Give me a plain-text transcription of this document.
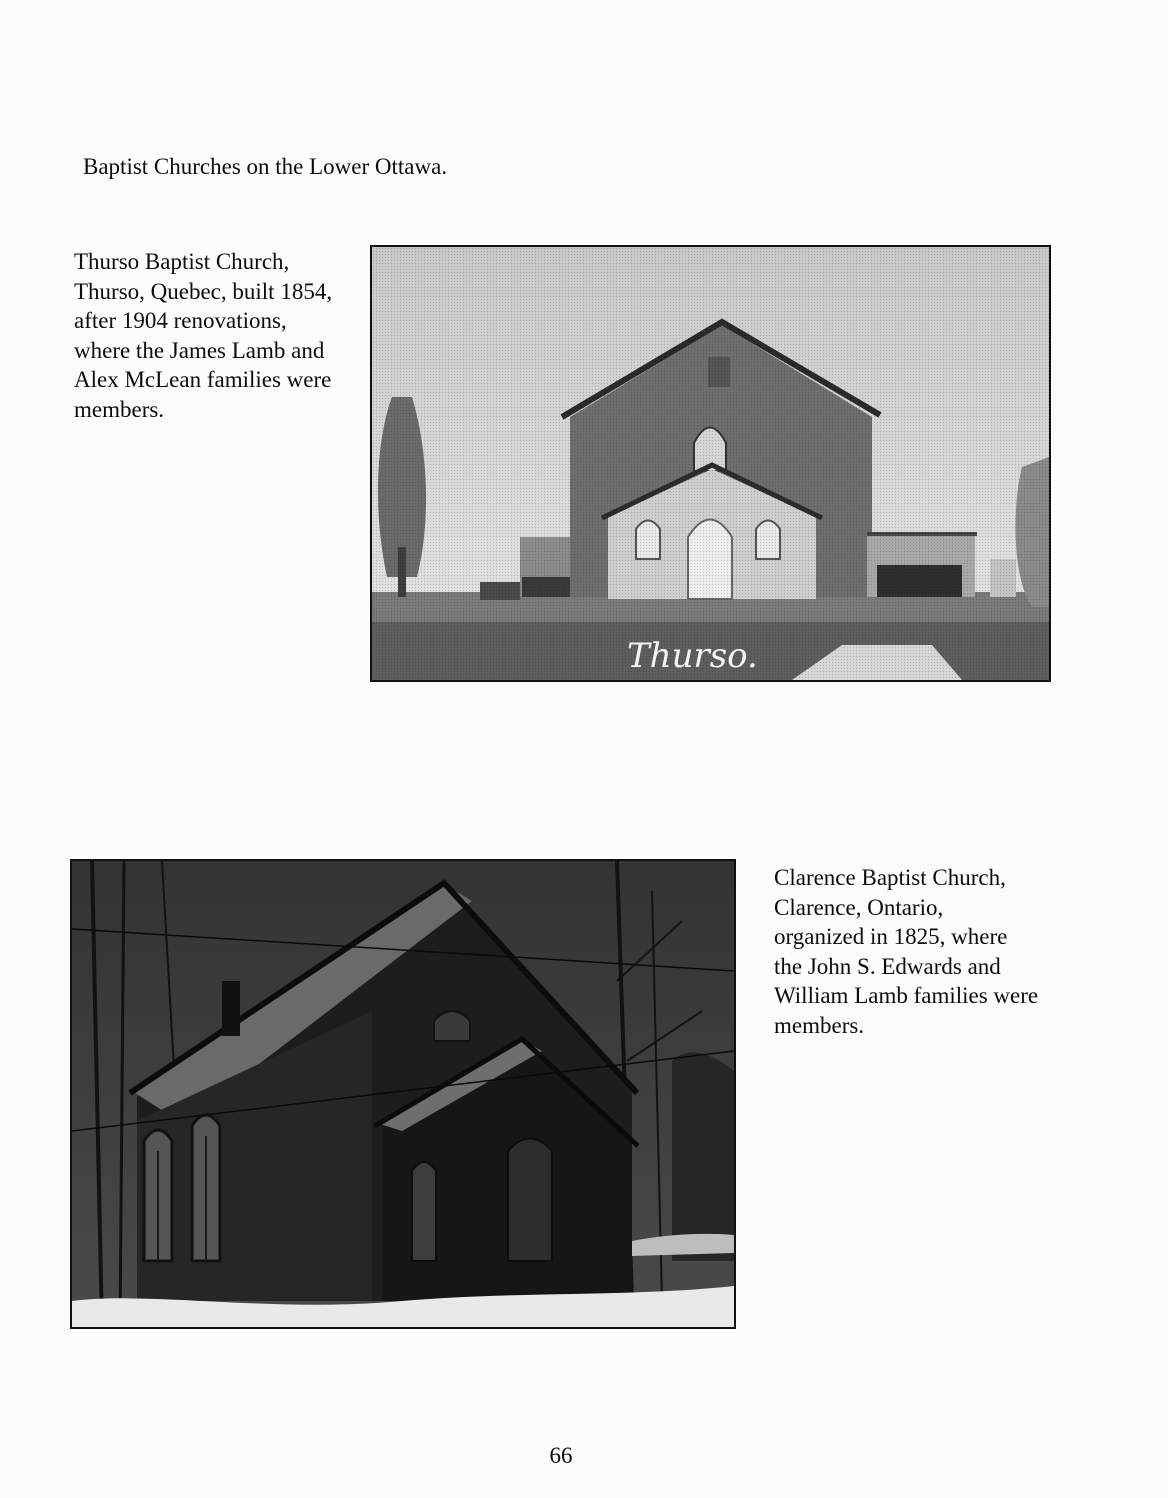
Baptist Churches on the Lower Ottawa.
Thurso Baptist Church,
Thurso, Quebec, built 1854,
after 1904 renovations,
where the James Lamb and
Alex McLean families were
members.
Thurso.
Clarence Baptist Church,
Clarence, Ontario,
organized in 1825, where
the John S. Edwards and
William Lamb families were
members.
66
